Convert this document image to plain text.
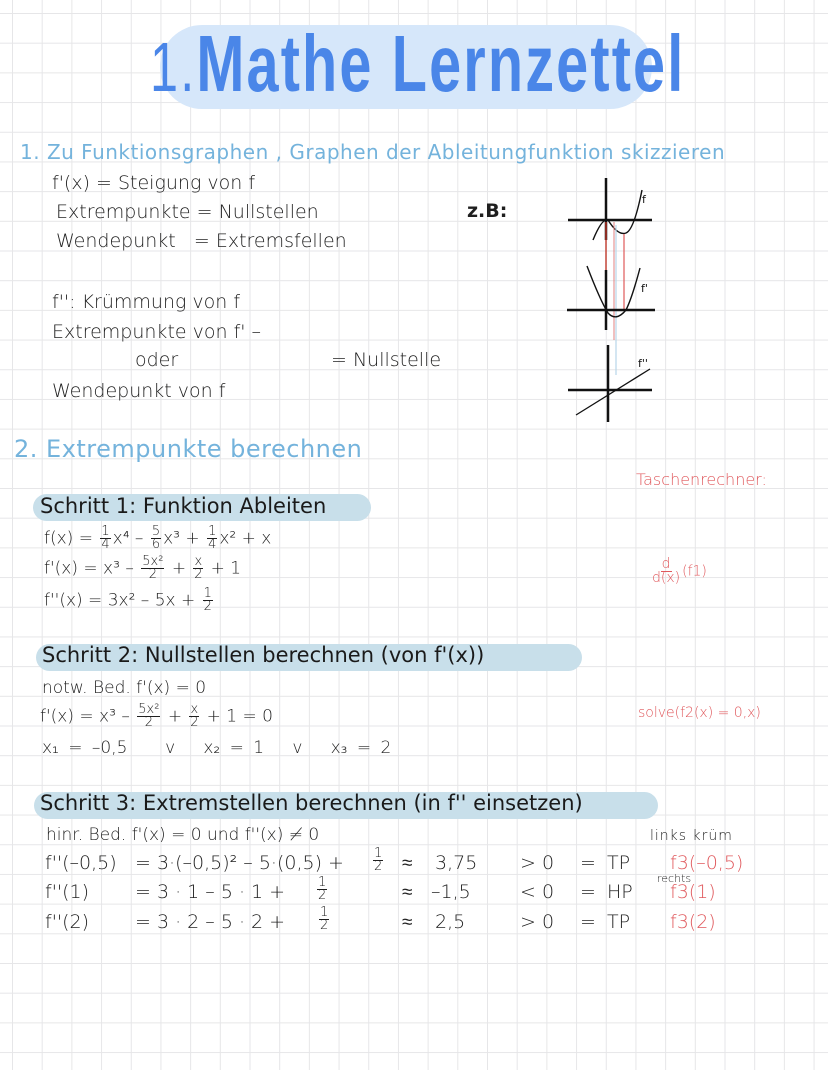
1.Mathe Lernzettel
1. Zu Funktionsgraphen , Graphen der Ableitungfunktion skizzieren
f'(x) = Steigung von f
Extrempunkte = Nullstellen
Wendepunkt   = Extremsfellen
z.B:
f'': Krümmung von f
Extrempunkte von f' –
oder	= Nullstelle
Wendepunkt von f
f
f'
f''
2. Extrempunkte berechnen
Taschenrechner:
Schritt 1: Funktion Ableiten
$f(x) = \frac{1}{4} x^4 - \frac{5}{6} x^3 + \frac{1}{4} x^2 + x$
$f'(x) = x^3 - \frac{\text{5x²}}{2} + \frac{x}{2} + 1$
$f''(x) = 3x^2 - 5x + \frac{1}{2}$
$\frac{d}{d(x)} (f1)$
Schritt 2: Nullstellen berechnen (von f'(x))
notw. Bed. f'(x) = 0
$f'(x) = x^3 - \frac{\text{5x²}}{2} + \frac{x}{2} + 1 = 0$
x₁ = –0,5 v x₂ = 1 v x₃ = 2
solve(f2(x) = 0,x)
Schritt 3: Extremstellen berechnen (in f'' einsetzen)
hinr. Bed. f'(x) = 0 und f''(x) ≠ 0	links krüm
rechts
$f''(-0,5) = 3\cdot(-0,5)^2 - 5\cdot(0,5) + \frac{1}{2} \approx 3,75 > 0$ = TP f3(–0,5)
$f''(1) = 3 \cdot 1 - 5 \cdot 1 + \frac{1}{2}$	≈ –1,5	< 0 = HP f3(1)
f''(2) = 3 · 2 – 5 · 2 +	$\frac{1}{2}$	≈ 2,5	> 0 = TP f3(2)
